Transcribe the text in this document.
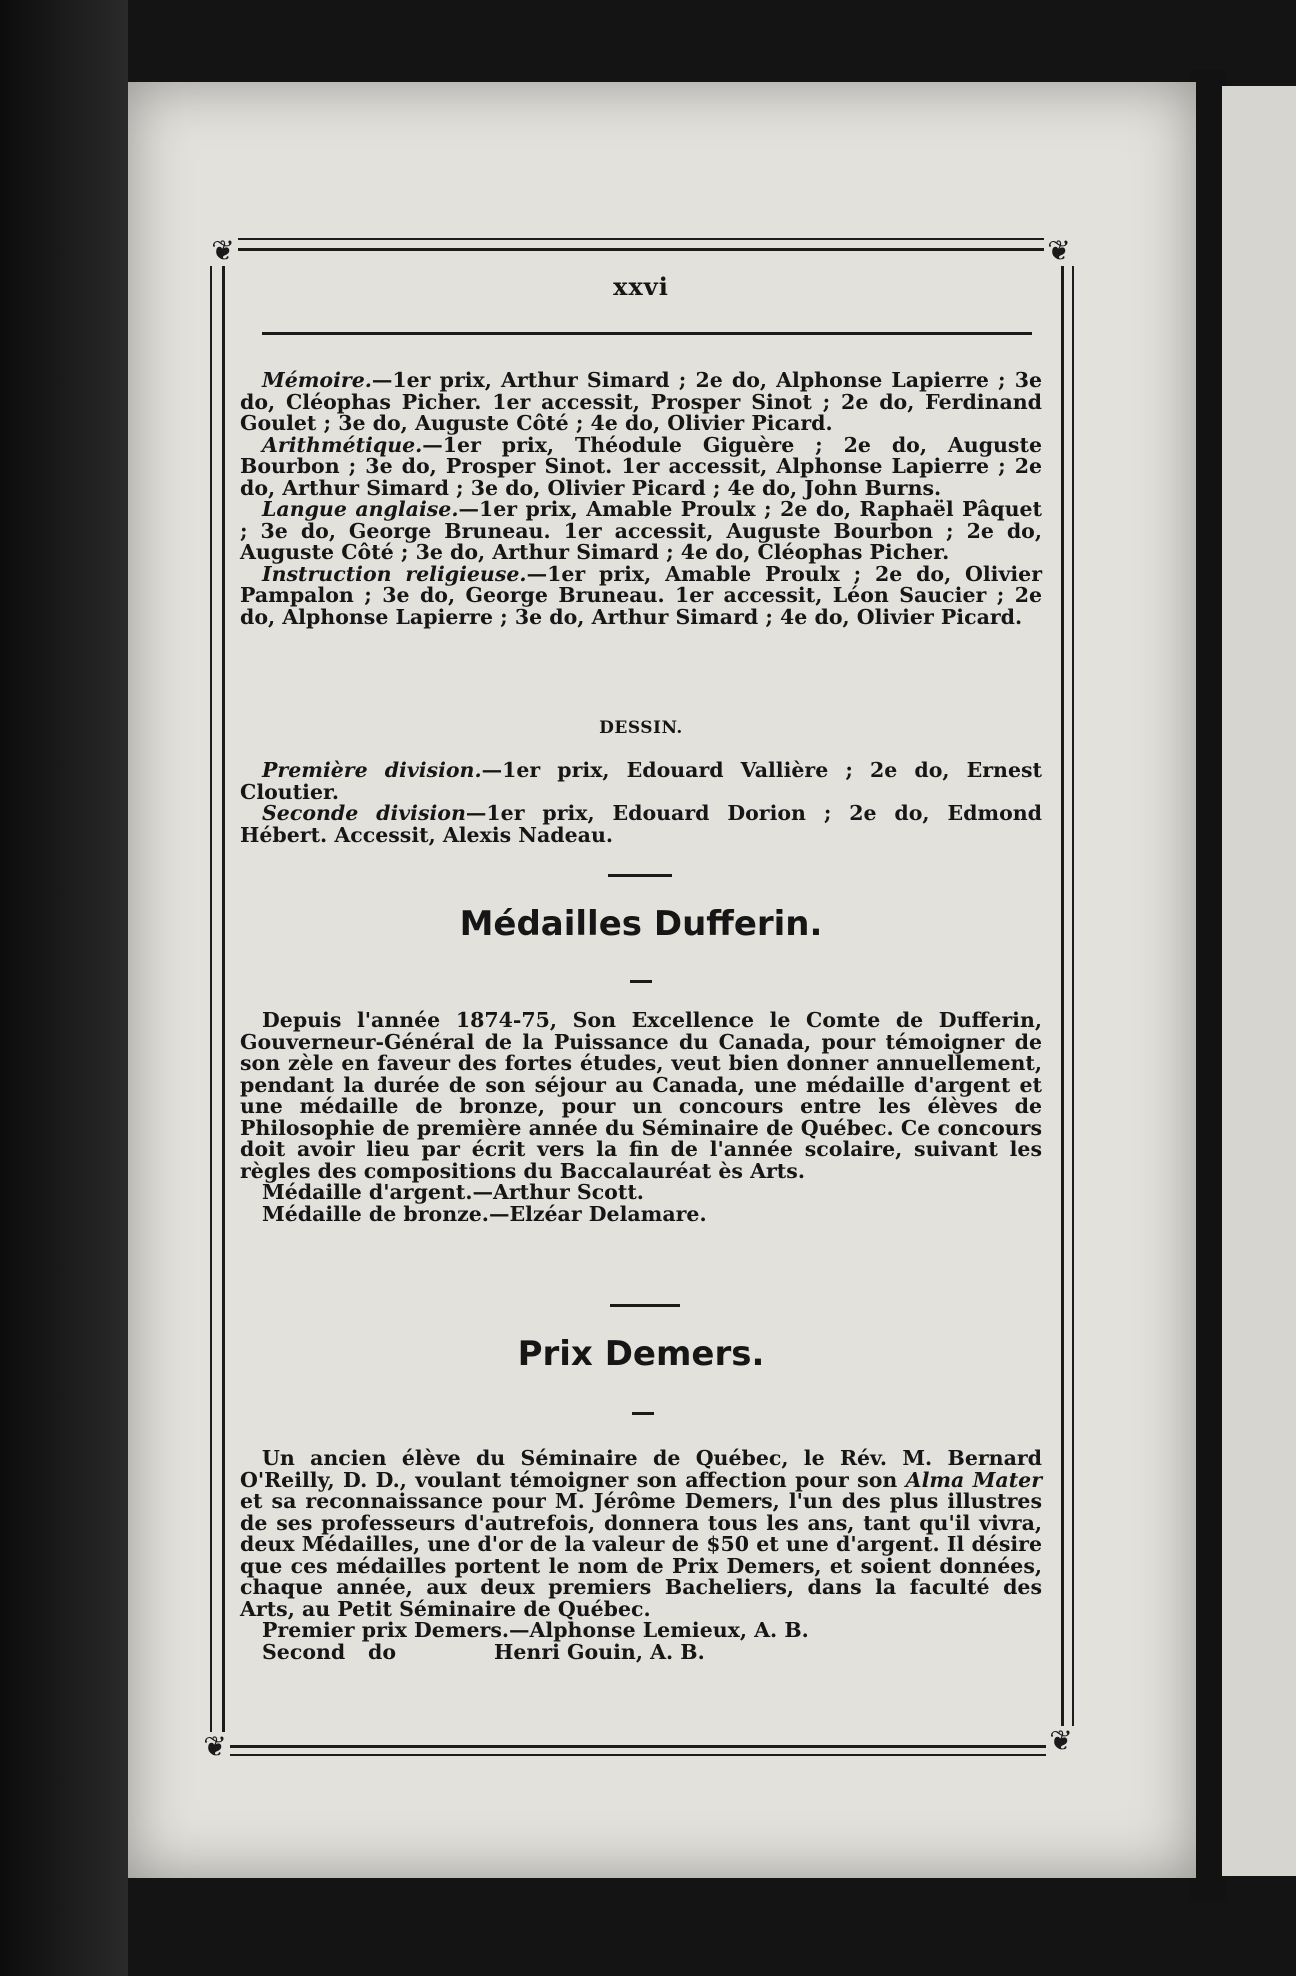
❦	❦
❦	❦
xxvi

Mémoire.—1er prix, Arthur Simard ; 2e do, Alphonse Lapierre ; 3e do, Cléophas Picher. 1er accessit, Prosper Sinot ; 2e do, Ferdinand Goulet ; 3e do, Auguste Côté ; 4e do, Olivier Picard.

Arithmétique.—1er prix, Théodule Giguère ; 2e do, Auguste Bourbon ; 3e do, Prosper Sinot. 1er accessit, Alphonse Lapierre ; 2e do, Arthur Simard ; 3e do, Olivier Picard ; 4e do, John Burns.

Langue anglaise.—1er prix, Amable Proulx ; 2e do, Raphaël Pâquet ; 3e do, George Bruneau. 1er accessit, Auguste Bourbon ; 2e do, Auguste Côté ; 3e do, Arthur Simard ; 4e do, Cléophas Picher.

Instruction religieuse.—1er prix, Amable Proulx ; 2e do, Olivier Pampalon ; 3e do, George Bruneau. 1er accessit, Léon Saucier ; 2e do, Alphonse Lapierre ; 3e do, Arthur Simard ; 4e do, Olivier Picard.

DESSIN.

Première division.—1er prix, Edouard Vallière ; 2e do, Ernest Cloutier.

Seconde division—1er prix, Edouard Dorion ; 2e do, Edmond Hébert. Accessit, Alexis Nadeau.

Médailles Dufferin.

Depuis l'année 1874-75, Son Excellence le Comte de Dufferin, Gouverneur-Général de la Puissance du Canada, pour témoigner de son zèle en faveur des fortes études, veut bien donner annuellement, pendant la durée de son séjour au Canada, une médaille d'argent et une médaille de bronze, pour un concours entre les élèves de Philosophie de première année du Séminaire de Québec. Ce concours doit avoir lieu par écrit vers la fin de l'année scolaire, suivant les règles des compositions du Baccalauréat ès Arts.

Médaille d'argent.—Arthur Scott.

Médaille de bronze.—Elzéar Delamare.

Prix Demers.

Un ancien élève du Séminaire de Québec, le Rév. M. Bernard O'Reilly, D. D., voulant témoigner son affection pour son Alma Mater et sa reconnaissance pour M. Jérôme Demers, l'un des plus illustres de ses professeurs d'autrefois, donnera tous les ans, tant qu'il vivra, deux Médailles, une d'or de la valeur de $50 et une d'argent. Il désire que ces médailles portent le nom de Prix Demers, et soient données, chaque année, aux deux premiers Bacheliers, dans la faculté des Arts, au Petit Séminaire de Québec.

Premier prix Demers. —Alphonse Lemieux, A. B.
Second	do	Henri Gouin, A. B.
